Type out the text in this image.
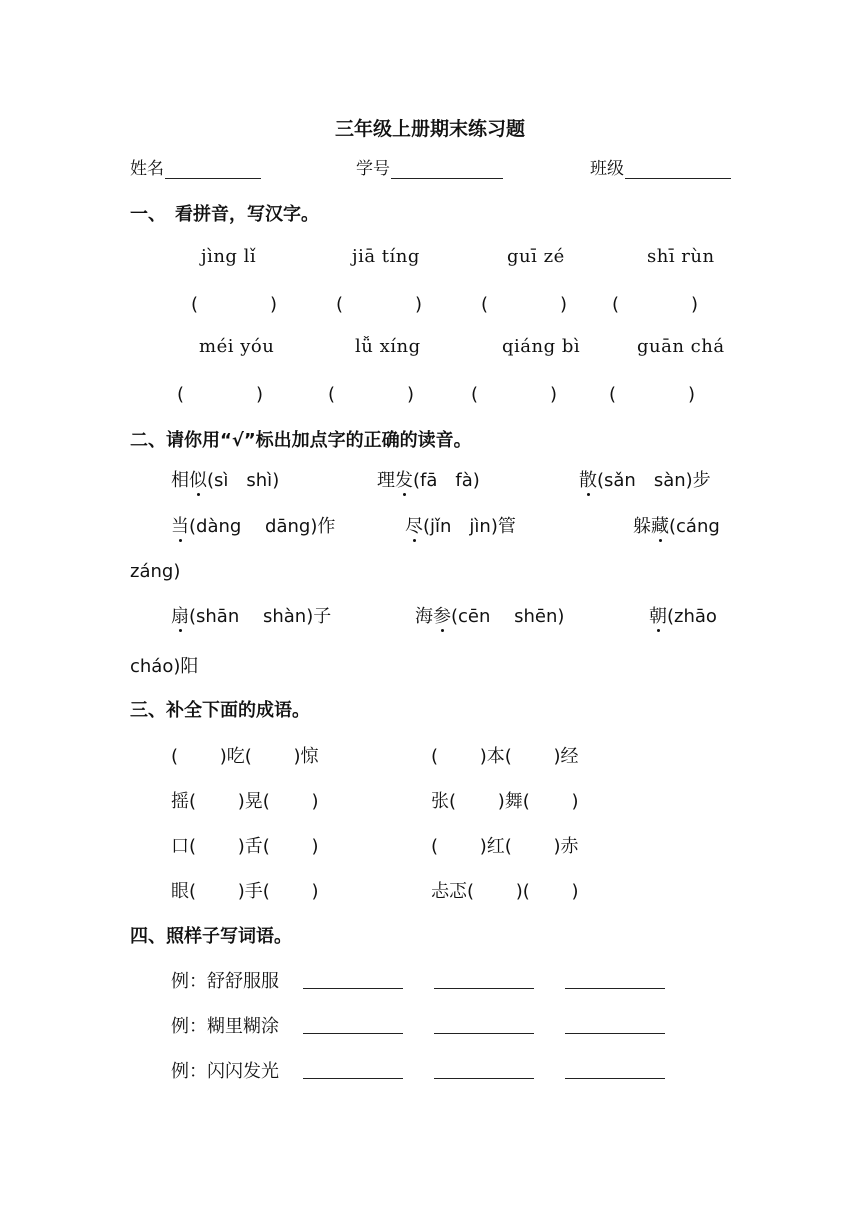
三年级上册期末练习题
姓名	学号	班级
一、　看拼音，写汉字。
jìng lǐ	jiā tíng	guī zé	shī rùn
(　　　　)	(　　　　)	(　　　　) (　　　　)
méi yóu	lǚ xíng	qiáng bì	guān chá
(　　　　)	(　　　　)	(　　　　)	(　　　　)
二、请你用“√”标出加点字的正确的读音。
相似(sì　shì)	理发(fā　fà)	散(sǎn　sàn)步
当(dàng　 dāng)作	尽(jǐn　jìn)管	躲藏(cáng
záng)
扇(shān　 shàn)子	海参(cēn　 shēn)	朝(zhāo
cháo)阳
三、补全下面的成语。
(　　 )吃(　　 )惊	(　　 )本(　　 )经
摇(　　 )晃(　　 )	张(　　 )舞(　　 )
口(　　 )舌(　　 )	(　　 )红(　　 )赤
眼(　　 )手(　　 )	忐忑(　　 )(　　 )
四、照样子写词语。
例：舒舒服服
例：糊里糊涂
例：闪闪发光
